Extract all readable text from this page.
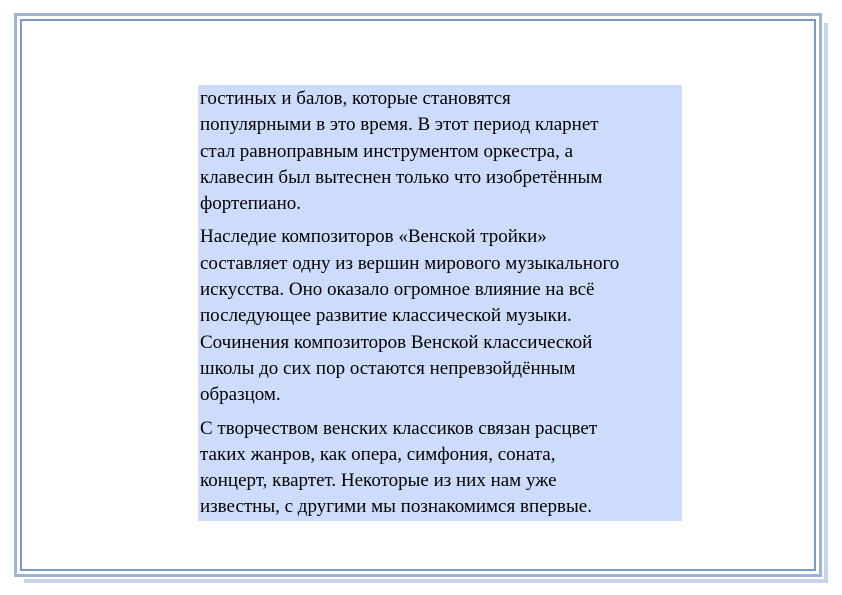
гостиных и балов, которые становятся
популярными в это время. В этот период кларнет
стал равноправным инструментом оркестра, а
клавесин был вытеснен только что изобретённым
фортепиано.

Наследие композиторов «Венской тройки»
составляет одну из вершин мирового музыкального
искусства. Оно оказало огромное влияние на всё
последующее развитие классической музыки.
Сочинения композиторов Венской классической
школы до сих пор остаются непревзойдённым
образцом.

С творчеством венских классиков связан расцвет
таких жанров, как опера, симфония, соната,
концерт, квартет. Некоторые из них нам уже
известны, с другими мы познакомимся впервые.
